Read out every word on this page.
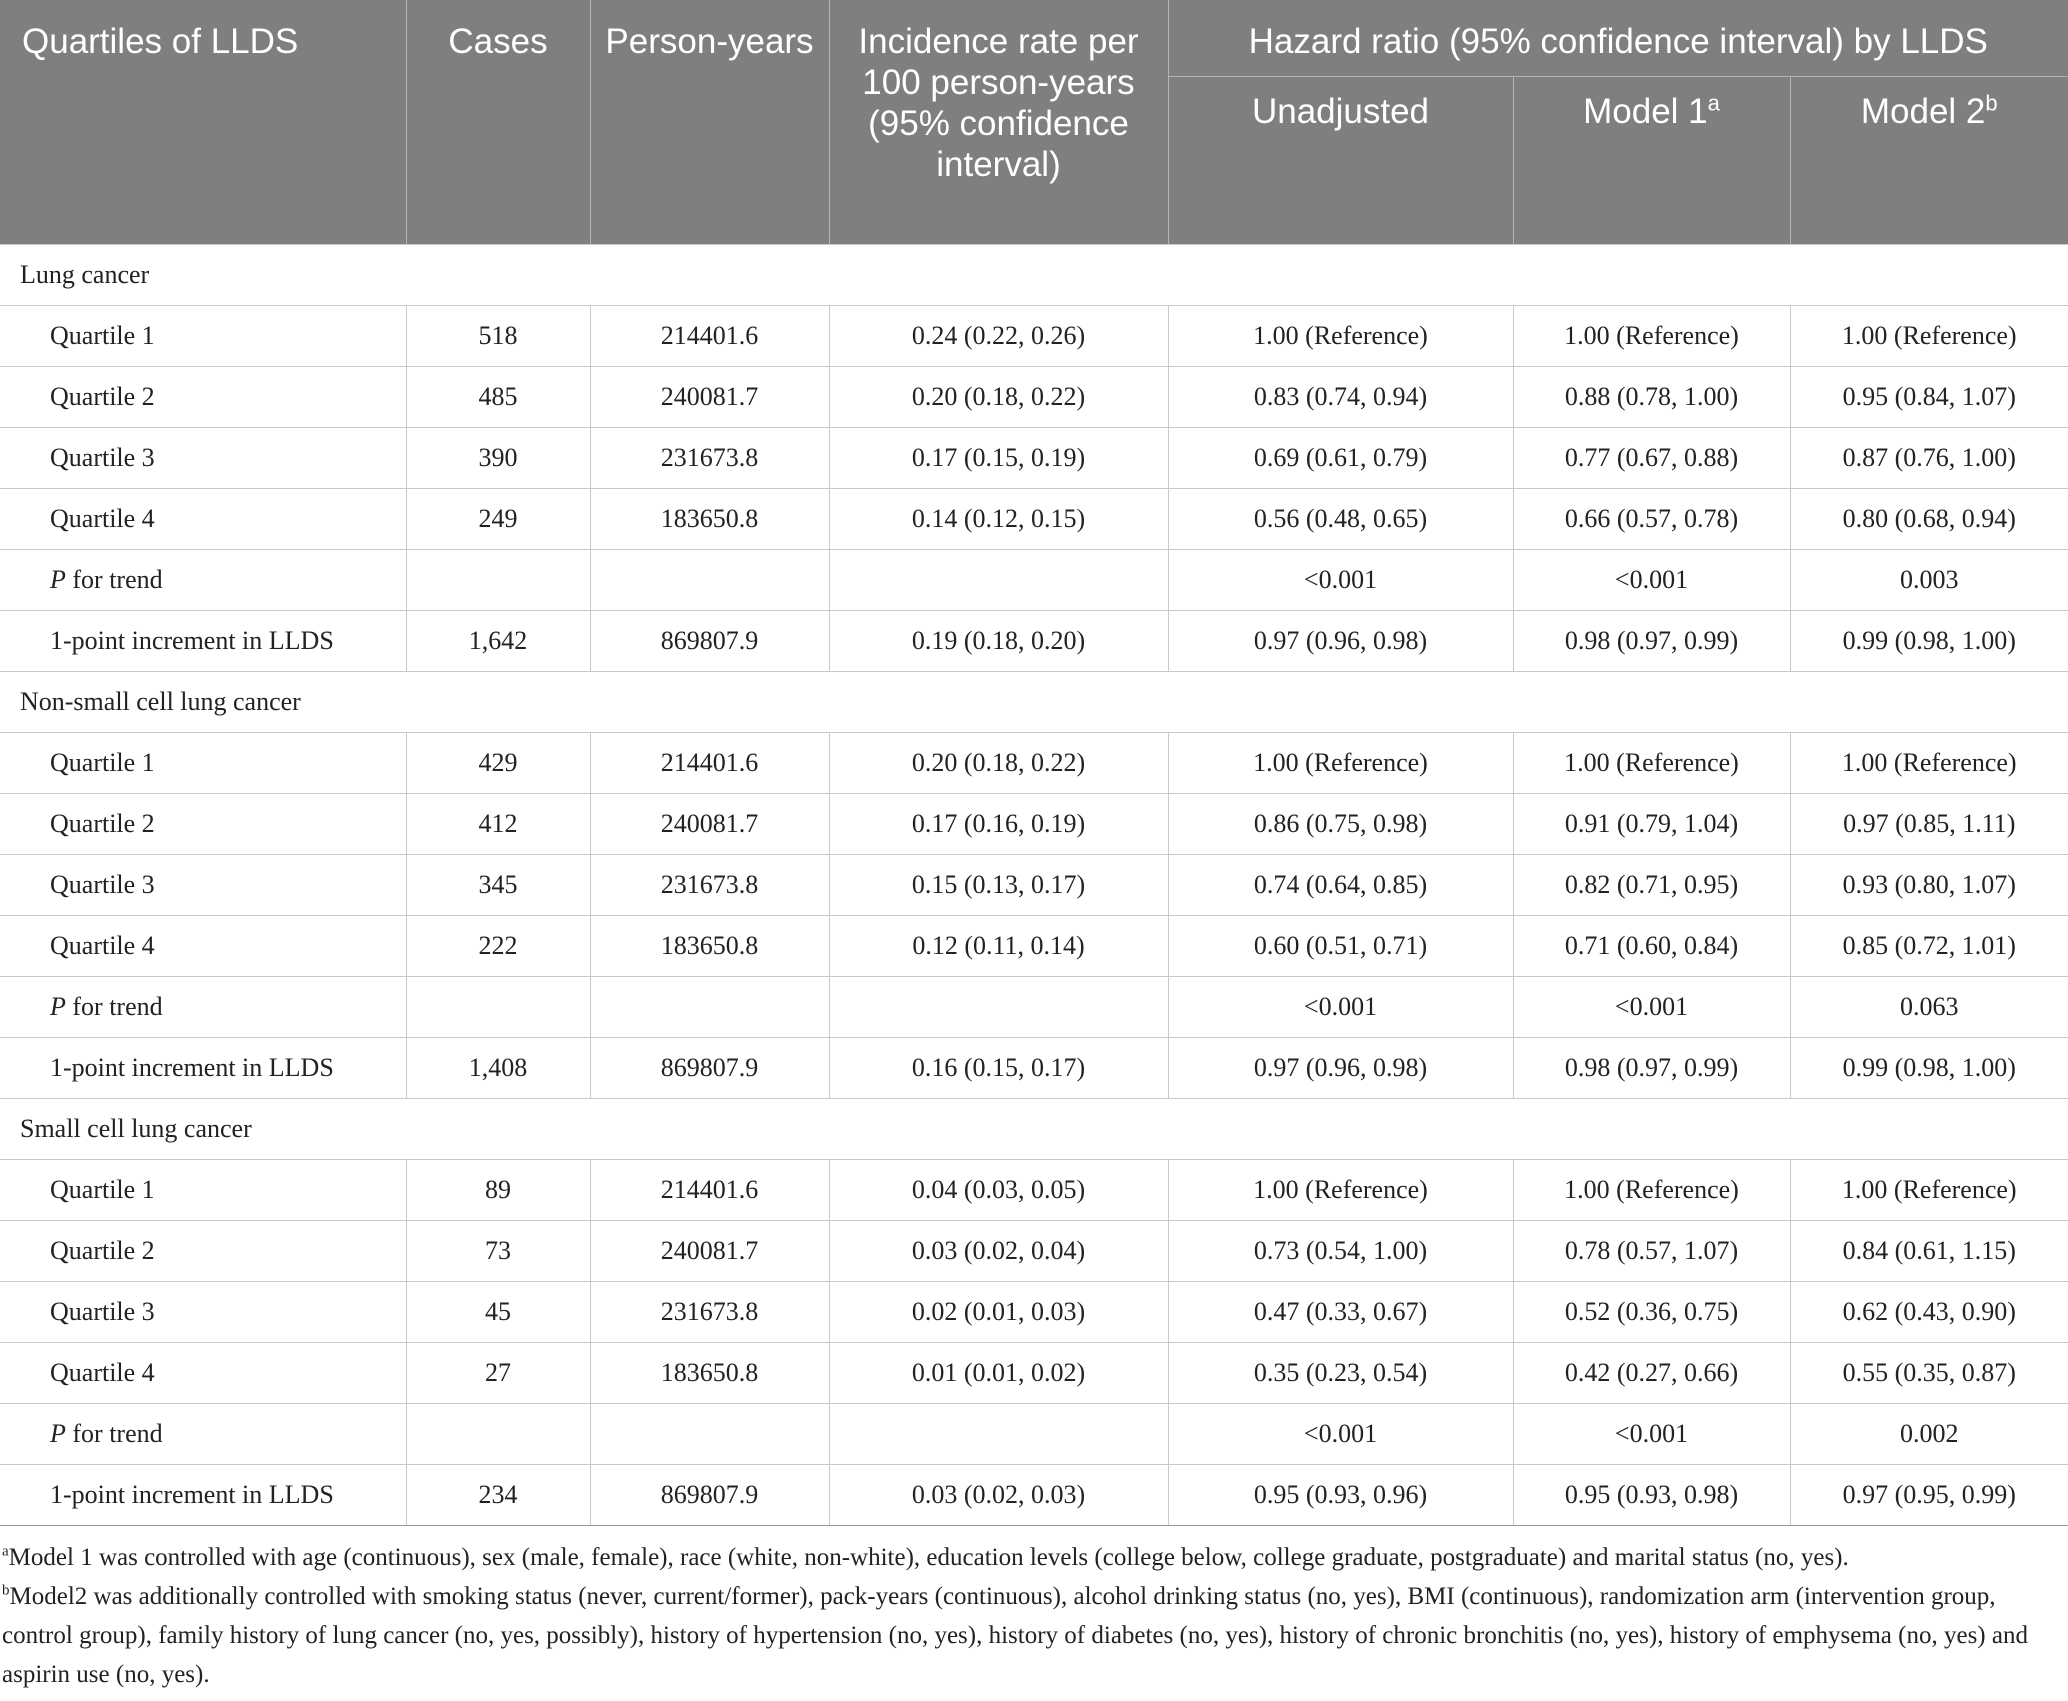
Quartiles of LLDS	Cases	Person-years	Incidence rate per 100 person-years (95% confidence interval)	Hazard ratio (95% confidence interval) by LLDS		
				Unadjusted	Model 1$^a$	Model 2$^b$
Lung cancer						
Quartile 1	518	214401.6	0.24 (0.22, 0.26)	1.00 (Reference)	1.00 (Reference)	1.00 (Reference)
Quartile 2	485	240081.7	0.20 (0.18, 0.22)	0.83 (0.74, 0.94)	0.88 (0.78, 1.00)	0.95 (0.84, 1.07)
Quartile 3	390	231673.8	0.17 (0.15, 0.19)	0.69 (0.61, 0.79)	0.77 (0.67, 0.88)	0.87 (0.76, 1.00)
Quartile 4	249	183650.8	0.14 (0.12, 0.15)	0.56 (0.48, 0.65)	0.66 (0.57, 0.78)	0.80 (0.68, 0.94)
P for trend				<0.001	<0.001	0.003
1-point increment in LLDS	1,642	869807.9	0.19 (0.18, 0.20)	0.97 (0.96, 0.98)	0.98 (0.97, 0.99)	0.99 (0.98, 1.00)
Non-small cell lung cancer						
Quartile 1	429	214401.6	0.20 (0.18, 0.22)	1.00 (Reference)	1.00 (Reference)	1.00 (Reference)
Quartile 2	412	240081.7	0.17 (0.16, 0.19)	0.86 (0.75, 0.98)	0.91 (0.79, 1.04)	0.97 (0.85, 1.11)
Quartile 3	345	231673.8	0.15 (0.13, 0.17)	0.74 (0.64, 0.85)	0.82 (0.71, 0.95)	0.93 (0.80, 1.07)
Quartile 4	222	183650.8	0.12 (0.11, 0.14)	0.60 (0.51, 0.71)	0.71 (0.60, 0.84)	0.85 (0.72, 1.01)
P for trend				<0.001	<0.001	0.063
1-point increment in LLDS	1,408	869807.9	0.16 (0.15, 0.17)	0.97 (0.96, 0.98)	0.98 (0.97, 0.99)	0.99 (0.98, 1.00)
Small cell lung cancer						
Quartile 1	89	214401.6	0.04 (0.03, 0.05)	1.00 (Reference)	1.00 (Reference)	1.00 (Reference)
Quartile 2	73	240081.7	0.03 (0.02, 0.04)	0.73 (0.54, 1.00)	0.78 (0.57, 1.07)	0.84 (0.61, 1.15)
Quartile 3	45	231673.8	0.02 (0.01, 0.03)	0.47 (0.33, 0.67)	0.52 (0.36, 0.75)	0.62 (0.43, 0.90)
Quartile 4	27	183650.8	0.01 (0.01, 0.02)	0.35 (0.23, 0.54)	0.42 (0.27, 0.66)	0.55 (0.35, 0.87)
P for trend				<0.001	<0.001	0.002
1-point increment in LLDS	234	869807.9	0.03 (0.02, 0.03)	0.95 (0.93, 0.96)	0.95 (0.93, 0.98)	0.97 (0.95, 0.99)

$^a$Model 1 was controlled with age (continuous), sex (male, female), race (white, non-white), education levels (college below, college graduate, postgraduate) and marital status (no, yes).

$^b$Model2 was additionally controlled with smoking status (never, current/former), pack-years (continuous), alcohol drinking status (no, yes), BMI (continuous), randomization arm (intervention group, control group), family history of lung cancer (no, yes, possibly), history of hypertension (no, yes), history of diabetes (no, yes), history of chronic bronchitis (no, yes), history of emphysema (no, yes) and aspirin use (no, yes).
